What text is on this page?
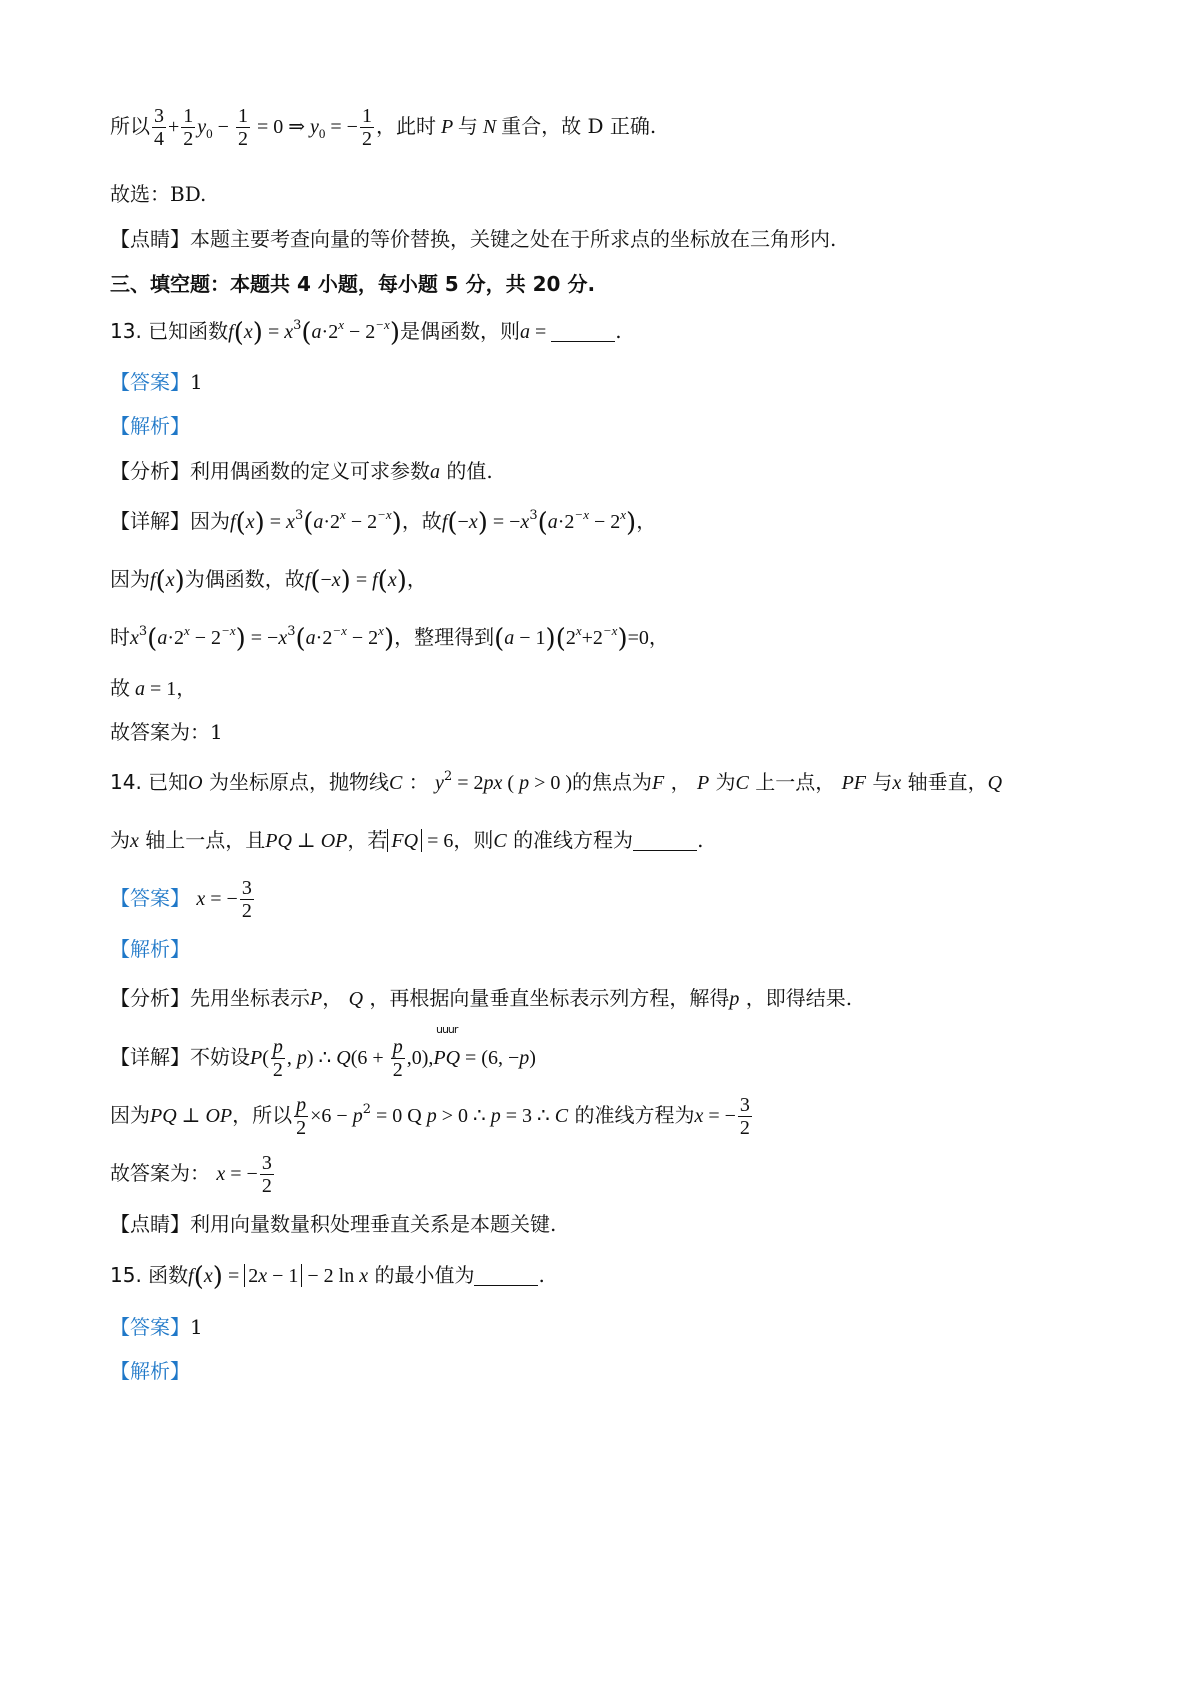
所以 $\frac{3}{4} + \frac{1}{2} y_0 - \frac{1}{2} = 0$ ⇒ $y_0$ = − $\frac{1}{2}$ ，此时 P 与 N 重合，故 D 正确.
故选：BD.
【点睛】本题主要考查向量的等价替换，关键之处在于所求点的坐标放在三角形内.
三、填空题：本题共 4 小题，每小题 5 分，共 20 分.
13. 已知函数$f(x) = x^3(a\cdot 2^x - 2^{-x})$是偶函数，则a =	.
【答案】1
【解析】
【分析】利用偶函数的定义可求参数a 的值.
【详解】因为$f(x) = x^3(a\cdot 2^x - 2^{-x})$，故$f(-x) = -x^3(a\cdot 2^{-x} - 2^x)$，
因为f(x)为偶函数，故f(−x) = f(x)，
时$x^3(a\cdot 2^x - 2^{-x}) = -x^3(a\cdot 2^{-x} - 2^x)$，整理得到$(a - 1)(2^x+2^{-x})=0$，
故 a = 1，
故答案为：1
14. 已知O 为坐标原点，抛物线C ： $y^2 = 2px$ ( p > 0 )的焦点为F ， P 为C 上一点， PF 与x 轴垂直，Q
为x 轴上一点，且PQ ⊥ OP，若 FQ = 6，则C 的准线方程为	.
【答案】 x = − $\frac{3}{2}$
【解析】
【分析】先用坐标表示P， Q ，再根据向量垂直坐标表示列方程，解得p ，即得结果.
【详解】不妨设$P( \frac{p}{2}$ , p) ∴ $Q(6 + \frac{p}{2} ,0)$,
uuur
PQ = (6, −p)
因为PQ ⊥ OP，所以 $\frac{p}{2} \times 6 - p^2 = 0$ Q p > 0 ∴ p = 3 ∴ C 的准线方程为x = − $\frac{3}{2}$
故答案为： x = − $\frac{3}{2}$
【点睛】利用向量数量积处理垂直关系是本题关键.
15. 函数f(x) = 2x − 1 − 2 ln x 的最小值为	.
【答案】1
【解析】
